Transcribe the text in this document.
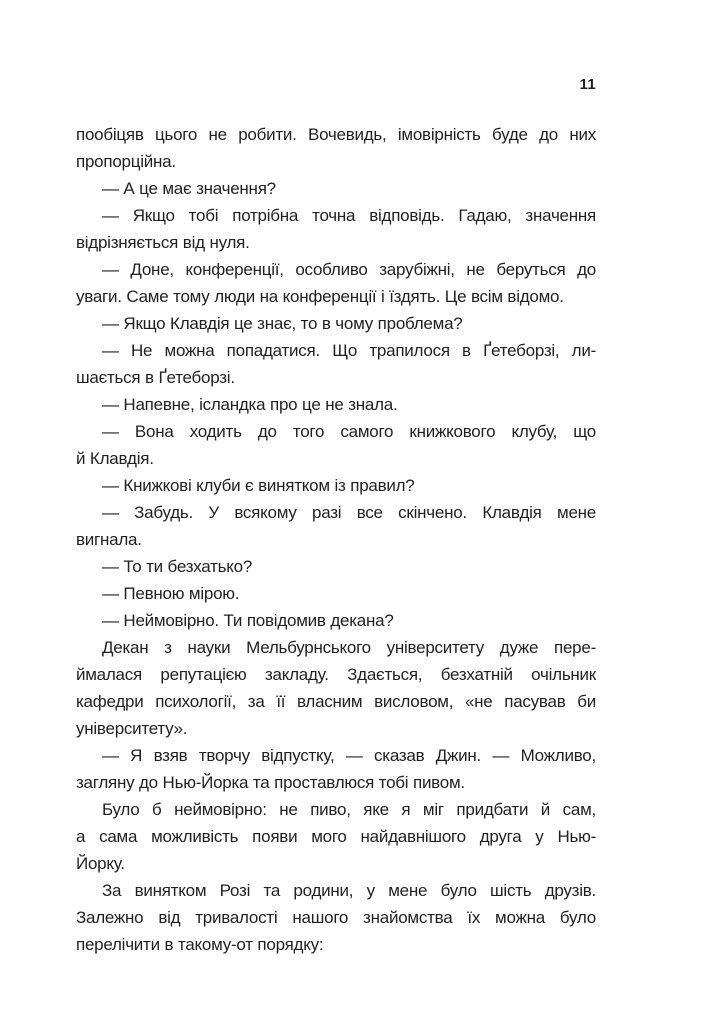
11
пообіцяв цього не робити. Вочевидь, імовірність буде до них
пропорційна.
— А це має значення?
— Якщо тобі потрібна точна відповідь. Гадаю, значення
відрізняється від нуля.
— Доне, конференції, особливо зарубіжні, не беруться до
уваги. Саме тому люди на конференції і їздять. Це всім відомо.
— Якщо Клавдія це знає, то в чому проблема?
— Не можна попадатися. Що трапилося в Ґетеборзі, ли-
шається в Ґетеборзі.
— Напевне, ісландка про це не знала.
— Вона ходить до того самого книжкового клубу, що
й Клавдія.
— Книжкові клуби є винятком із правил?
— Забудь. У всякому разі все скінчено. Клавдія мене
вигнала.
— То ти безхатько?
— Певною мірою.
— Неймовірно. Ти повідомив декана?
Декан з науки Мельбурнського університету дуже пере-
ймалася репутацією закладу. Здається, безхатній очільник
кафедри психології, за її власним висловом, «не пасував би
університету».
— Я взяв творчу відпустку, — сказав Джин. — Можливо,
загляну до Нью-Йорка та проставлюся тобі пивом.
Було б неймовірно: не пиво, яке я міг придбати й сам,
а сама можливість появи мого найдавнішого друга у Нью-
Йорку.
За винятком Розі та родини, у мене було шість друзів.
Залежно від тривалості нашого знайомства їх можна було
перелічити в такому-от порядку:
